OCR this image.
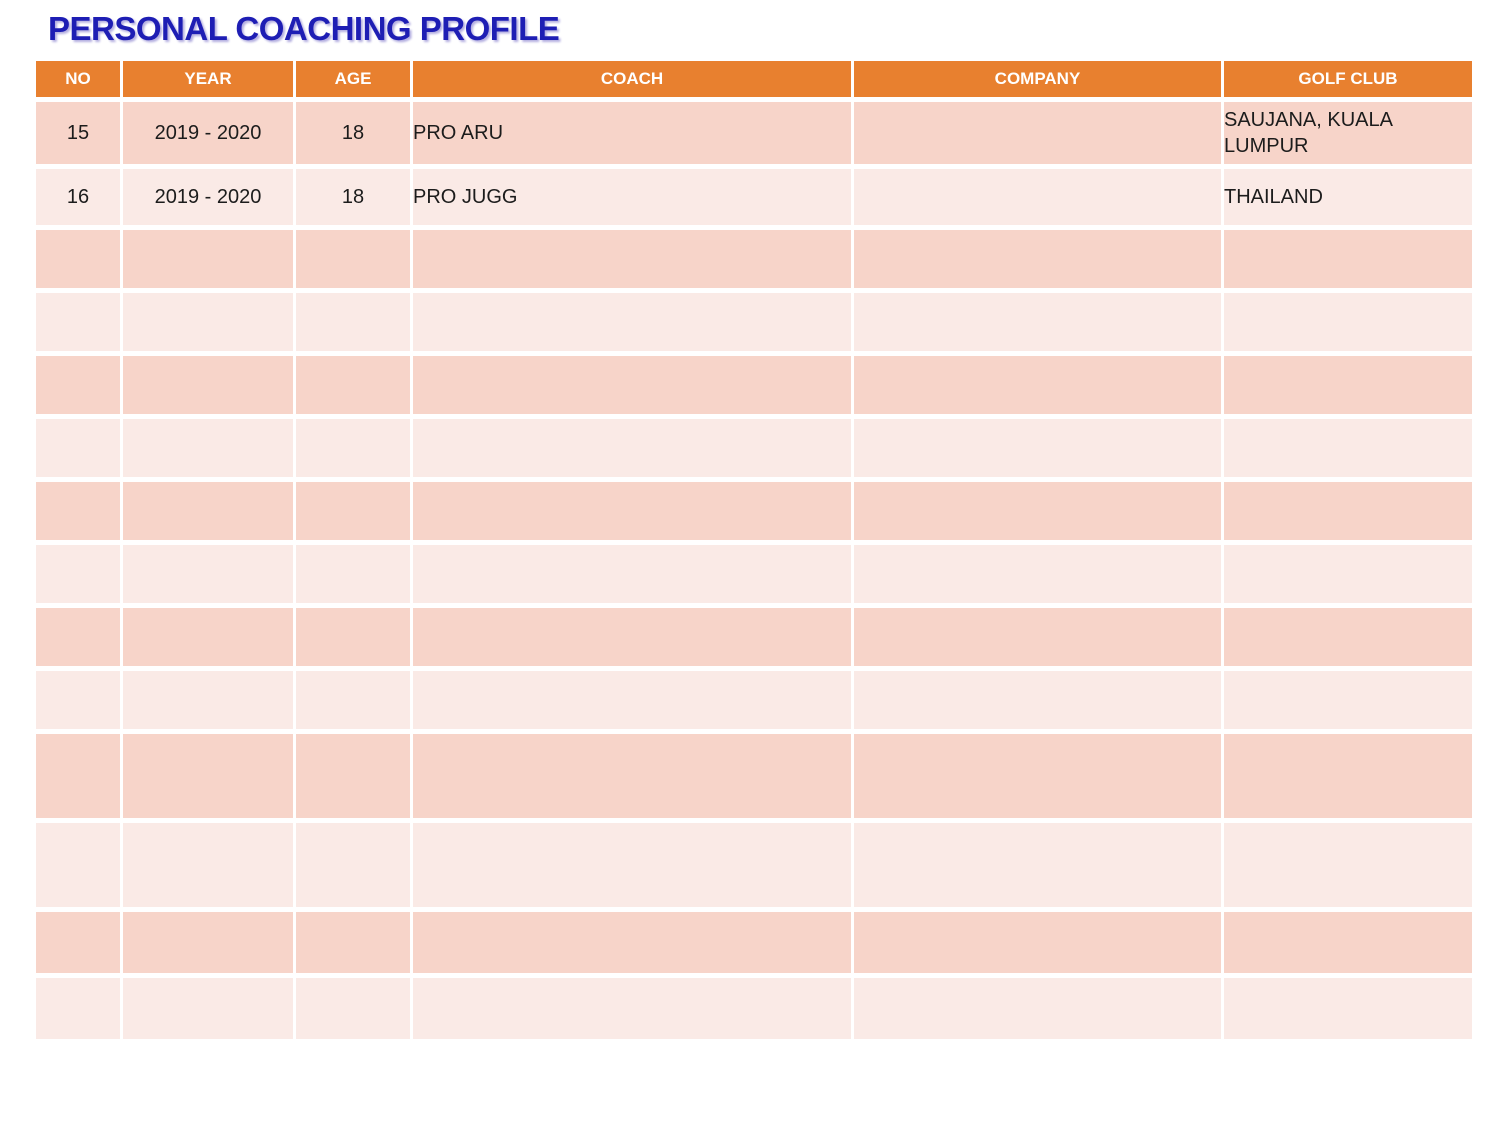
PERSONAL COACHING PROFILE
NO	YEAR	AGE	COACH	COMPANY	GOLF CLUB
15	2019 - 2020	18	PRO ARU		SAUJANA, KUALA LUMPUR
16	2019 - 2020	18	PRO JUGG		THAILAND
